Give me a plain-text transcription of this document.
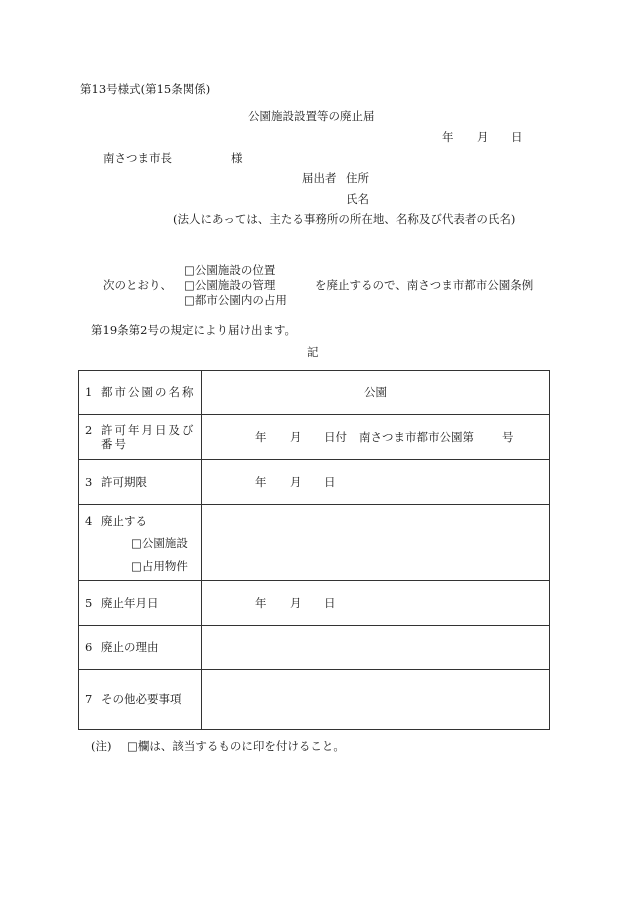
第13号様式(第15条関係)
公園施設設置等の廃止届
年 月 日
南さつま市長	様
届出者 住所
氏名
(法人にあっては、主たる事務所の所在地、名称及び代表者の氏名)
□公園施設の位置
次のとおり、 □公園施設の管理	を廃止するので、南さつま市都市公園条例
□都市公園内の占用
第19条第2号の規定により届け出ます。
記
1 都市公園の名称	公園

2 許可年月日及び番号	年 月 日付 南さつま市都市公園第 号

3 許可期限	年 月 日

4 廃止する
□公園施設
□占用物件	

5 廃止年月日	年 月 日

6 廃止の理由	

7 その他必要事項	

(注) □欄は、該当するものに印を付けること。
